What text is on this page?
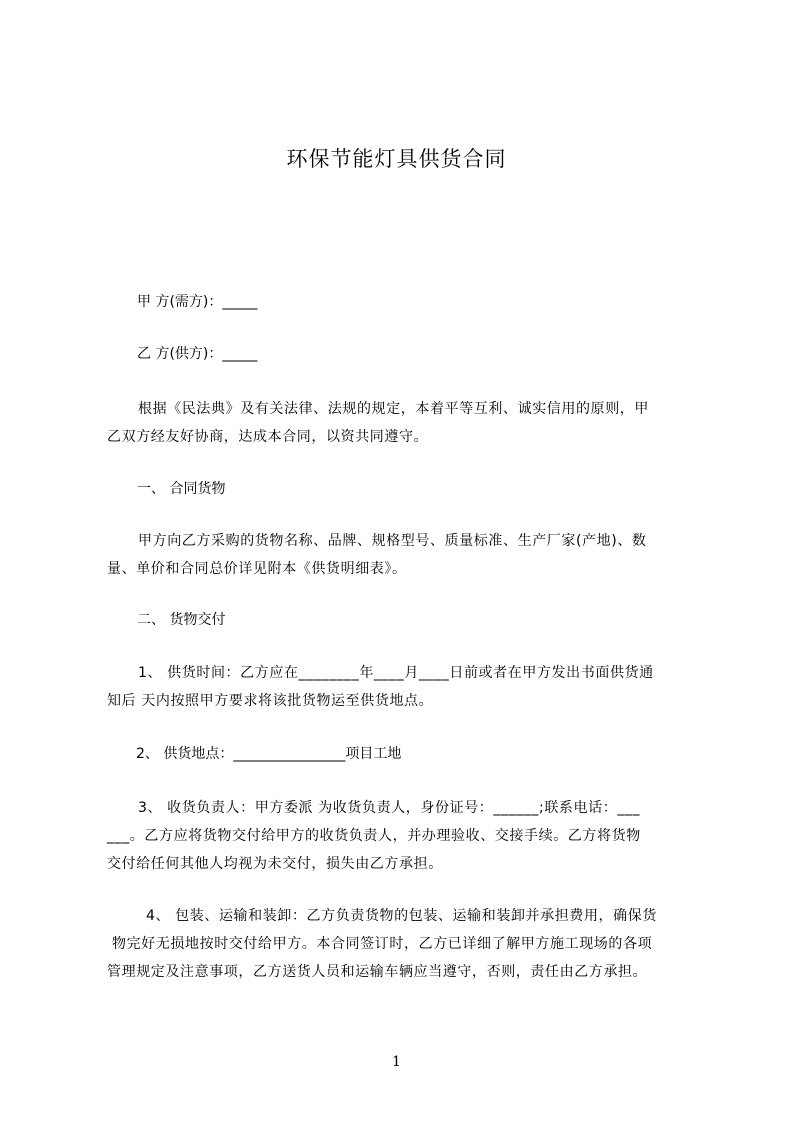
环保节能灯具供货合同
甲 方(需方)：_____
乙 方(供方)：_____
根据《民法典》及有关法律、法规的规定，本着平等互利、诚实信用的原则，甲
乙双方经友好协商，达成本合同，以资共同遵守。
一、 合同货物
甲方向乙方采购的货物名称、品牌、规格型号、质量标准、生产厂家(产地)、数
量、单价和合同总价详见附本《供货明细表》。
二、 货物交付
1、 供货时间：乙方应在________年____月____日前或者在甲方发出书面供货通
知后 天内按照甲方要求将该批货物运至供货地点。
2、 供货地点：________________项目工地
3、 收货负责人：甲方委派 为收货负责人，身份证号：______;联系电话：___
___。乙方应将货物交付给甲方的收货负责人，并办理验收、交接手续。乙方将货物
交付给任何其他人均视为未交付，损失由乙方承担。
4、 包装、运输和装卸：乙方负责货物的包装、运输和装卸并承担费用，确保货
物完好无损地按时交付给甲方。本合同签订时，乙方已详细了解甲方施工现场的各项
管理规定及注意事项，乙方送货人员和运输车辆应当遵守，否则，责任由乙方承担。
1
